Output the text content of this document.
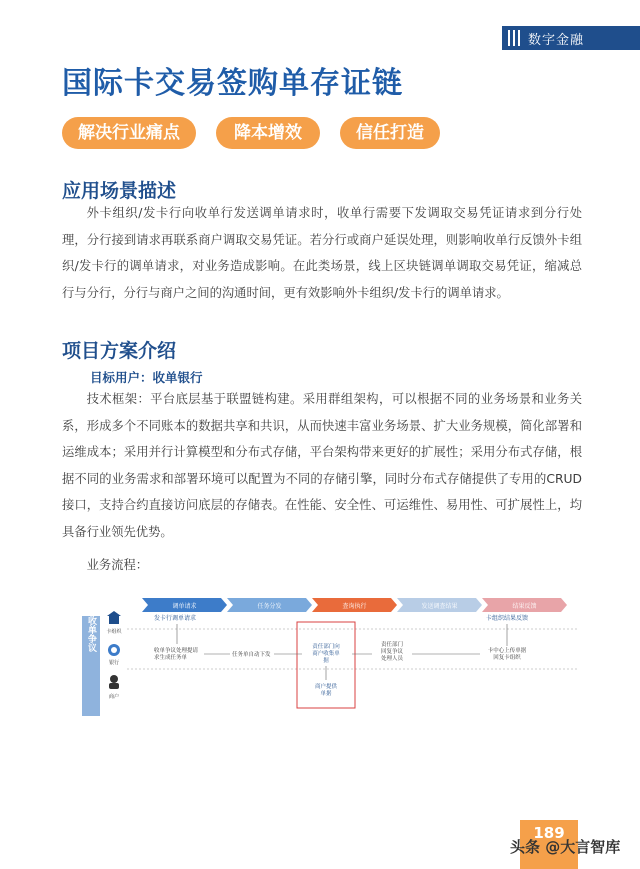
数字金融
国际卡交易签购单存证链
解决行业痛点	降本增效	信任打造
应用场景描述

外卡组织/发卡行向收单行发送调单请求时，收单行需要下发调取交易凭证请求到分行处理，分行接到请求再联系商户调取交易凭证。若分行或商户延误处理，则影响收单行反馈外卡组织/发卡行的调单请求，对业务造成影响。在此类场景，线上区块链调单调取交易凭证，缩减总行与分行，分行与商户之间的沟通时间，更有效影响外卡组织/发卡行的调单请求。

项目方案介绍

目标用户：收单银行

技术框架：平台底层基于联盟链构建。采用群组架构，可以根据不同的业务场景和业务关系，形成多个不同账本的数据共享和共识，从而快速丰富业务场景、扩大业务规模，简化部署和运维成本；采用并行计算模型和分布式存储，平台架构带来更好的扩展性；采用分布式存储，根据不同的业务需求和部署环境可以配置为不同的存储引擎，同时分布式存储提供了专用的CRUD接口，支持合约直接访问底层的存储表。在性能、安全性、可运维性、易用性、可扩展性上，均具备行业领先优势。

业务流程：

收单争议
调单请求	任务分发	查询执行	发送调查结果	结果反馈
卡组织
银行
商户
发卡行调单请求
收单争议处理提请
求生成任务单	任务单自动下发
责任部门向
商户收集单
据
商户提供
单据
责任部门
回复争议
处理人员
卡中心上传单据
回复卡组织
卡组织结果反馈
189
头条 @大言智库
